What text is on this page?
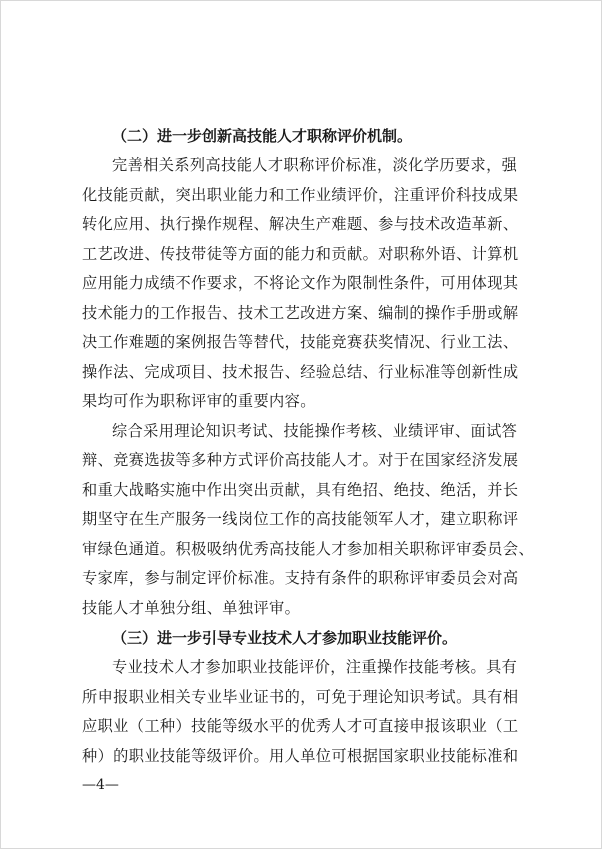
（二）进一步创新高技能人才职称评价机制。
完善相关系列高技能人才职称评价标准，淡化学历要求，强
化技能贡献，突出职业能力和工作业绩评价，注重评价科技成果
转化应用、执行操作规程、解决生产难题、参与技术改造革新、
工艺改进、传技带徒等方面的能力和贡献。对职称外语、计算机
应用能力成绩不作要求，不将论文作为限制性条件，可用体现其
技术能力的工作报告、技术工艺改进方案、编制的操作手册或解
决工作难题的案例报告等替代，技能竞赛获奖情况、行业工法、
操作法、完成项目、技术报告、经验总结、行业标准等创新性成
果均可作为职称评审的重要内容。
综合采用理论知识考试、技能操作考核、业绩评审、面试答
辩、竞赛选拔等多种方式评价高技能人才。对于在国家经济发展
和重大战略实施中作出突出贡献，具有绝招、绝技、绝活，并长
期坚守在生产服务一线岗位工作的高技能领军人才，建立职称评
审绿色通道。积极吸纳优秀高技能人才参加相关职称评审委员会、
专家库，参与制定评价标准。支持有条件的职称评审委员会对高
技能人才单独分组、单独评审。
（三）进一步引导专业技术人才参加职业技能评价。
专业技术人才参加职业技能评价，注重操作技能考核。具有
所申报职业相关专业毕业证书的，可免于理论知识考试。具有相
应职业（工种）技能等级水平的优秀人才可直接申报该职业（工
种）的职业技能等级评价。用人单位可根据国家职业技能标准和
—4—
